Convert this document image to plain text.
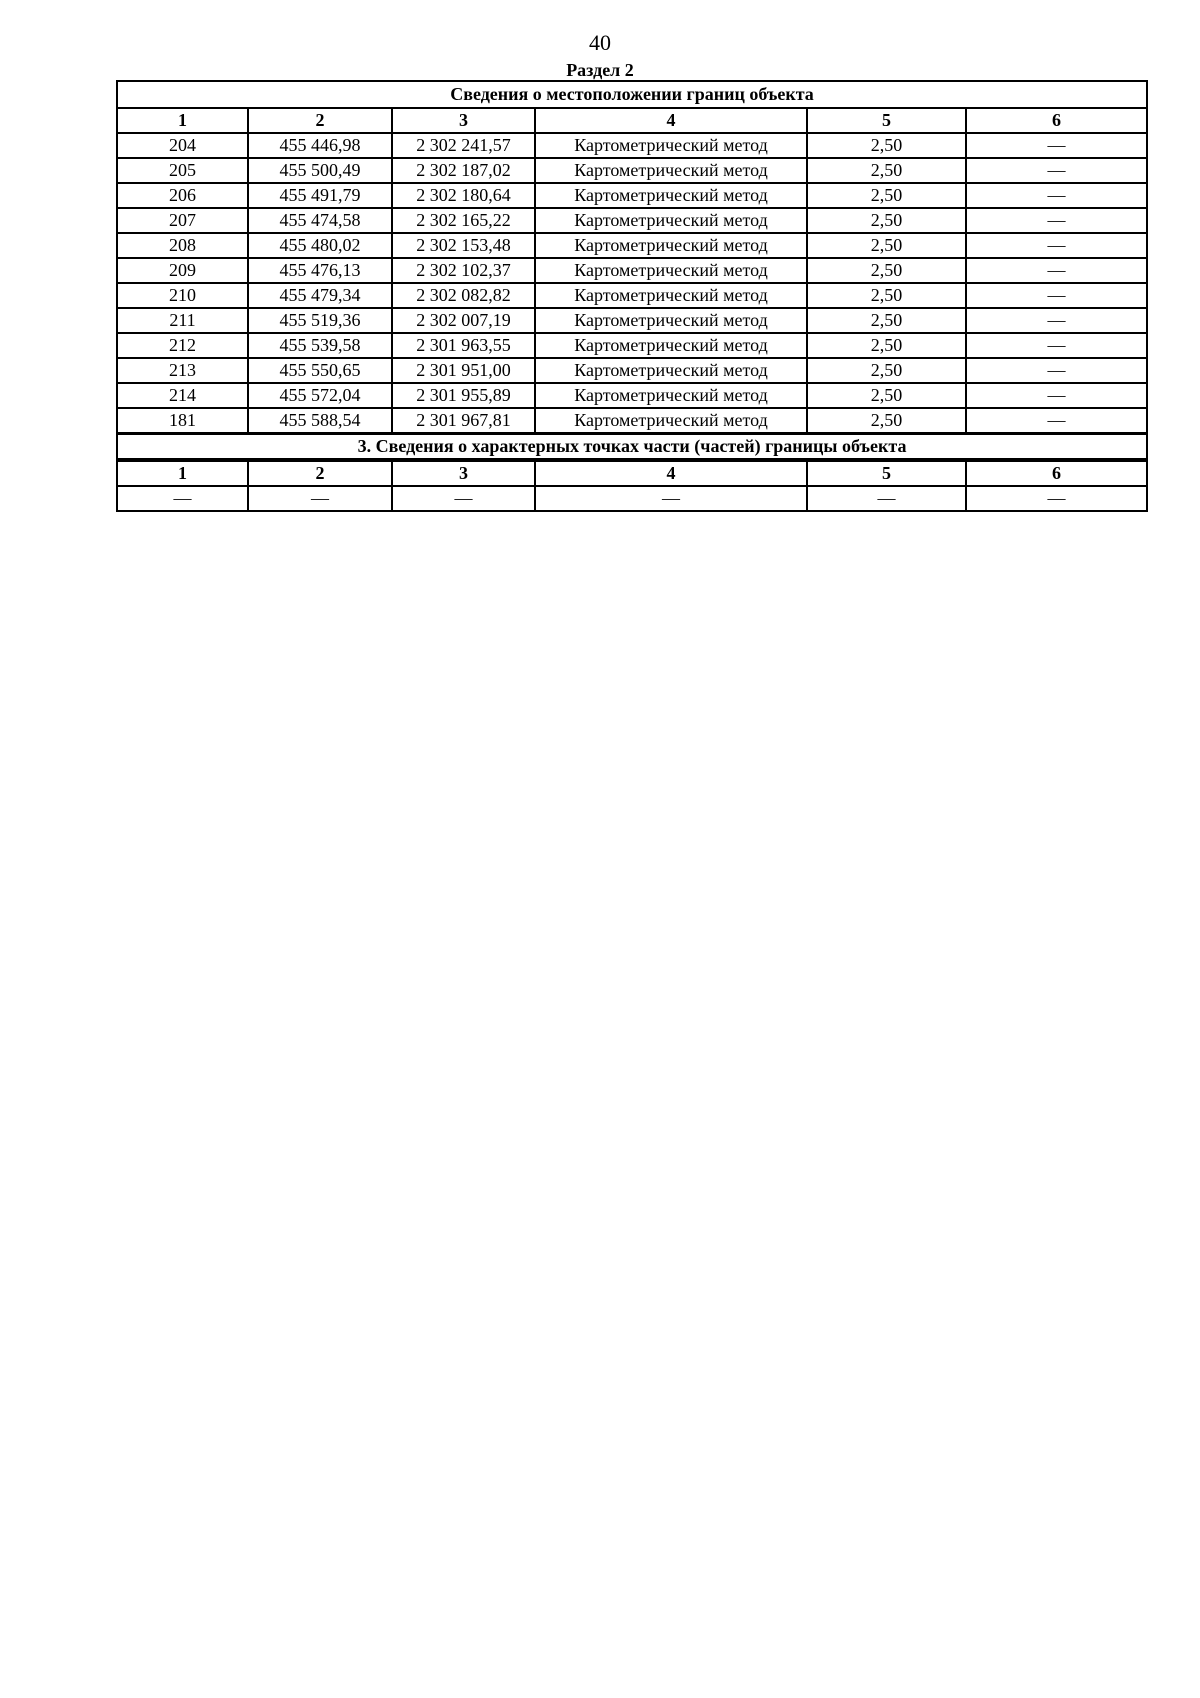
40
Раздел 2
Сведения о местоположении границ объекта					
1	2	3	4	5	6
204	455 446,98	2 302 241,57	Картометрический метод	2,50	—
205	455 500,49	2 302 187,02	Картометрический метод	2,50	—
206	455 491,79	2 302 180,64	Картометрический метод	2,50	—
207	455 474,58	2 302 165,22	Картометрический метод	2,50	—
208	455 480,02	2 302 153,48	Картометрический метод	2,50	—
209	455 476,13	2 302 102,37	Картометрический метод	2,50	—
210	455 479,34	2 302 082,82	Картометрический метод	2,50	—
211	455 519,36	2 302 007,19	Картометрический метод	2,50	—
212	455 539,58	2 301 963,55	Картометрический метод	2,50	—
213	455 550,65	2 301 951,00	Картометрический метод	2,50	—
214	455 572,04	2 301 955,89	Картометрический метод	2,50	—
181	455 588,54	2 301 967,81	Картометрический метод	2,50	—
3. Сведения о характерных точках части (частей) границы объекта					
1	2	3	4	5	6
—	—	—	—	—	—
